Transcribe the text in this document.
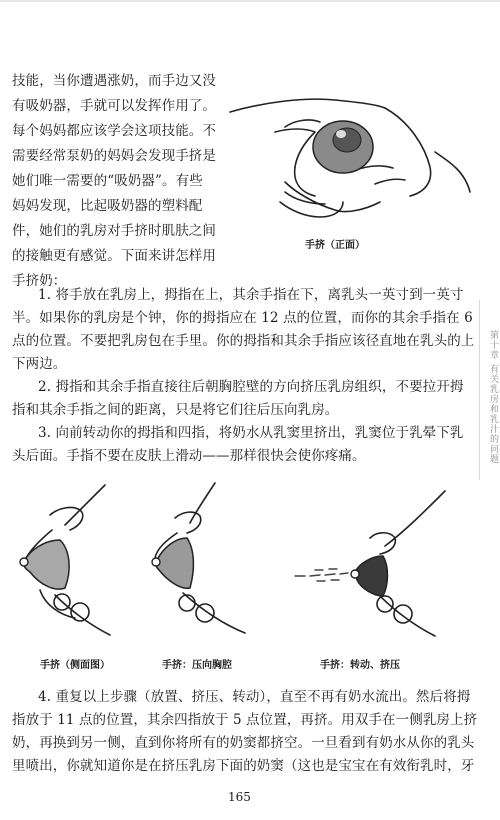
技能，当你遭遇涨奶，而手边又没
有吸奶器，手就可以发挥作用了。
每个妈妈都应该学会这项技能。不
需要经常泵奶的妈妈会发现手挤是
她们唯一需要的“吸奶器”。有些
妈妈发现，比起吸奶器的塑料配
件，她们的乳房对手挤时肌肤之间
的接触更有感觉。下面来讲怎样用
手挤奶：
手挤（正面）
1. 将手放在乳房上，拇指在上，其余手指在下，离乳头一英寸到一英寸
半。如果你的乳房是个钟，你的拇指应在 12 点的位置，而你的其余手指在 6
点的位置。不要把乳房包在手里。你的拇指和其余手指应该径直地在乳头的上
下两边。
2. 拇指和其余手指直接往后朝胸腔壁的方向挤压乳房组织，不要拉开拇
指和其余手指之间的距离，只是将它们往后压向乳房。
3. 向前转动你的拇指和四指，将奶水从乳窦里挤出，乳窦位于乳晕下乳
头后面。手指不要在皮肤上滑动——那样很快会使你疼痛。
手挤（侧面图）	手挤：压向胸腔	手挤：转动、挤压
4. 重复以上步骤（放置、挤压、转动），直至不再有奶水流出。然后将拇
指放于 11 点的位置，其余四指放于 5 点位置，再挤。用双手在一侧乳房上挤
奶，再换到另一侧，直到你将所有的奶窦都挤空。一旦看到有奶水从你的乳头
里喷出，你就知道你是在挤压乳房下面的奶窦（这也是宝宝在有效衔乳时，牙
第十章 有关乳房和乳汁的问题
165
